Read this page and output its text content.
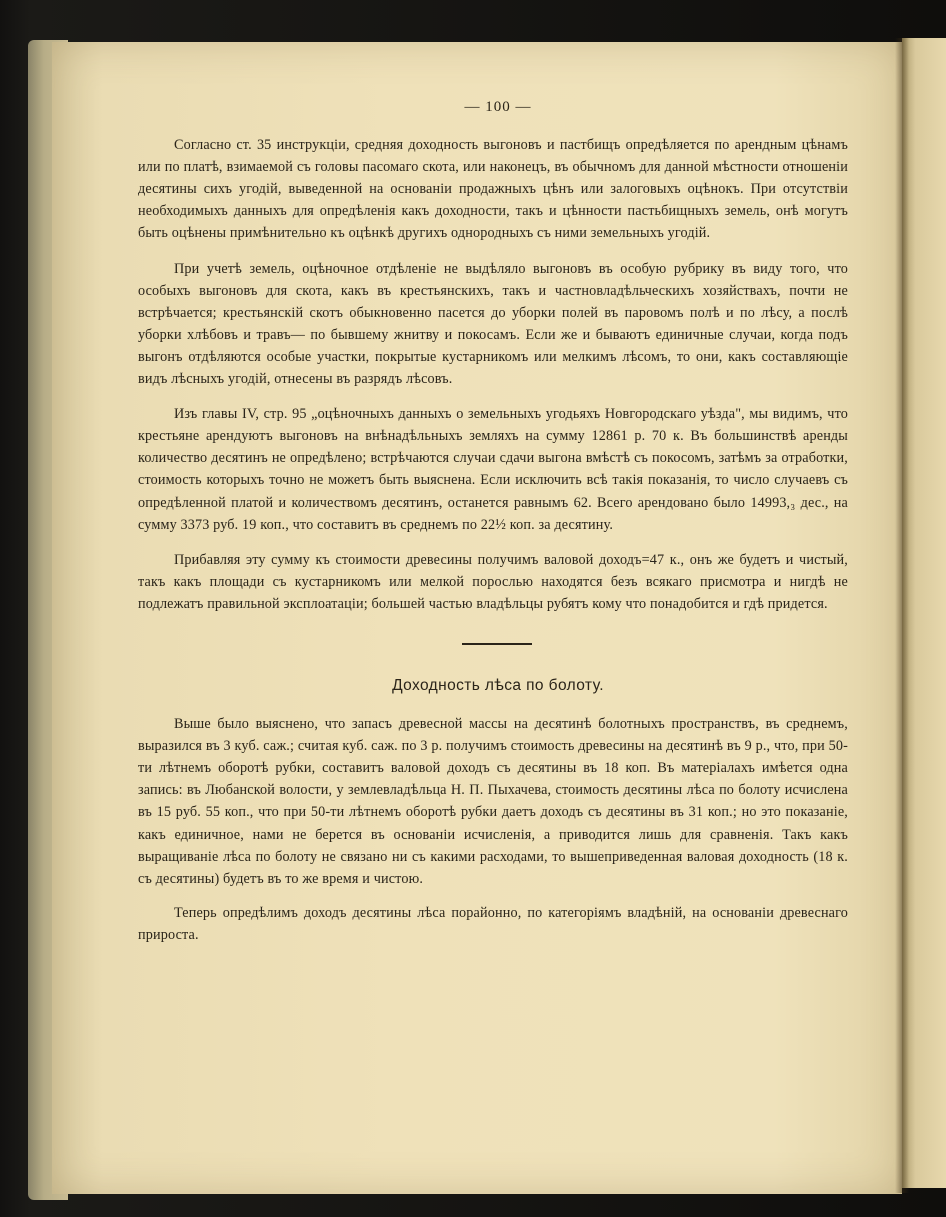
— 100 —

Согласно ст. 35 инструкціи, средняя доходность выгоновъ и пастбищъ опредѣляется по арендным цѣнамъ или по платѣ, взимаемой съ головы пасомаго скота, или наконецъ, въ обычномъ для данной мѣстности отношеніи десятины сихъ угодій, выведенной на основаніи продажныхъ цѣнъ или залоговыхъ оцѣнокъ. При отсутствіи необходимыхъ данныхъ для опредѣленія какъ доходности, такъ и цѣнности пастьбищныхъ земель, онѣ могутъ быть оцѣнены примѣнительно къ оцѣнкѣ другихъ однородныхъ съ ними земельныхъ угодій.

При учетѣ земель, оцѣночное отдѣленіе не выдѣляло выгоновъ въ особую рубрику въ виду того, что особыхъ выгоновъ для скота, какъ въ крестьянскихъ, такъ и частновладѣльческихъ хозяйствахъ, почти не встрѣчается; крестьянскій скотъ обыкновенно пасется до уборки полей въ паровомъ полѣ и по лѣсу, а послѣ уборки хлѣбовъ и травъ— по бывшему жнитву и покосамъ. Если же и бываютъ единичные случаи, когда подъ выгонъ отдѣляются особые участки, покрытые кустарникомъ или мелкимъ лѣсомъ, то они, какъ составляющіе видъ лѣсныхъ угодій, отнесены въ разрядъ лѣсовъ.

Изъ главы IV, стр. 95 „оцѣночныхъ данныхъ о земельныхъ угодьяхъ Новгородскаго уѣзда", мы видимъ, что крестьяне арендуютъ выгоновъ на внѣнадѣльныхъ земляхъ на сумму 12861 р. 70 к. Въ большинствѣ аренды количество десятинъ не опредѣлено; встрѣчаются случаи сдачи выгона вмѣстѣ съ покосомъ, затѣмъ за отработки, стоимость которыхъ точно не можетъ быть выяснена. Если исключить всѣ такія показанія, то число случаевъ съ опредѣленной платой и количествомъ десятинъ, останется равнымъ 62. Всего арендовано было 14993,₃ дес., на сумму 3373 руб. 19 коп., что составитъ въ среднемъ по 22½ коп. за десятину.

Прибавляя эту сумму къ стоимости древесины получимъ валовой доходъ=47 к., онъ же будетъ и чистый, такъ какъ площади съ кустарникомъ или мелкой порослью находятся безъ всякаго присмотра и нигдѣ не подлежатъ правильной эксплоатаціи; большей частью владѣльцы рубятъ кому что понадобится и гдѣ придется.

Доходность лѣса по болоту.

Выше было выяснено, что запасъ древесной массы на десятинѣ болотныхъ пространствъ, въ среднемъ, выразился въ 3 куб. саж.; считая куб. саж. по 3 р. получимъ стоимость древесины на десятинѣ въ 9 р., что, при 50-ти лѣтнемъ оборотѣ рубки, составитъ валовой доходъ съ десятины въ 18 коп. Въ матеріалахъ имѣется одна запись: въ Любанской волости, у землевладѣльца Н. П. Пыхачева, стоимость десятины лѣса по болоту исчислена въ 15 руб. 55 коп., что при 50-ти лѣтнемъ оборотѣ рубки даетъ доходъ съ десятины въ 31 коп.; но это показаніе, какъ единичное, нами не берется въ основаніи исчисленія, а приводится лишь для сравненія. Такъ какъ выращиваніе лѣса по болоту не связано ни съ какими расходами, то вышеприведенная валовая доходность (18 к. съ десятины) будетъ въ то же время и чистою.

Теперь опредѣлимъ доходъ десятины лѣса порайонно, по категоріямъ владѣній, на основаніи древеснаго прироста.
